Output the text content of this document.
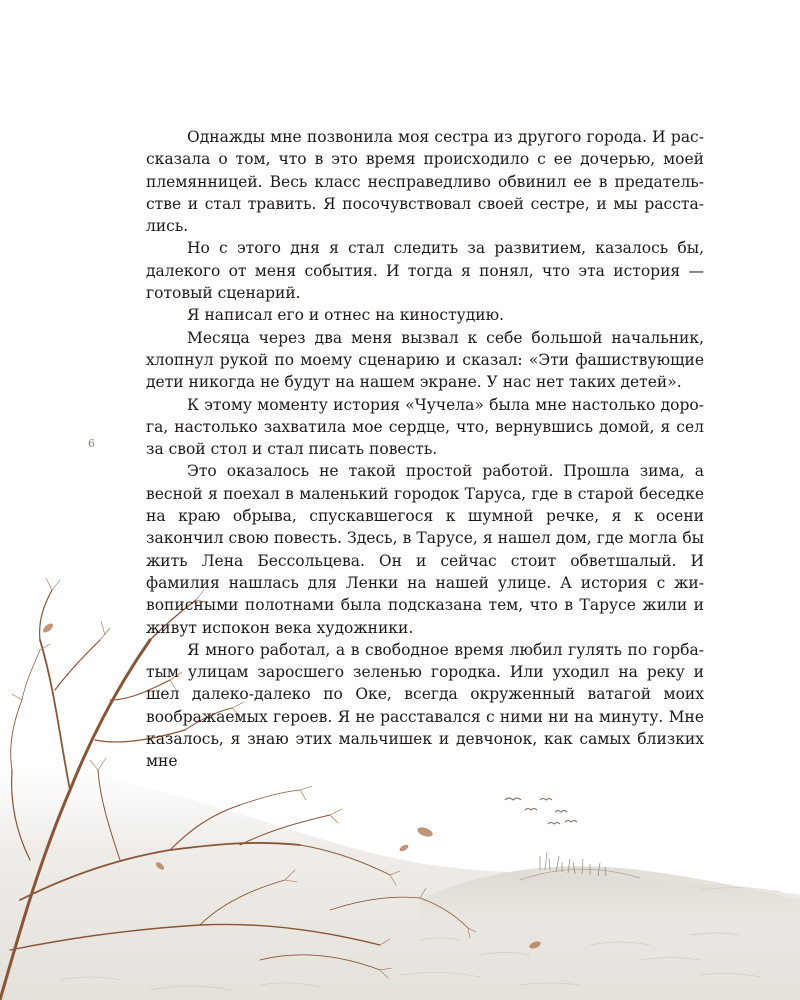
Однажды мне позвонила моя сестра из другого города. И рассказала о том, что в это время происходило с ее дочерью, моей племянницей. Весь класс несправедливо обвинил ее в предательстве и стал травить. Я посочувствовал своей сестре, и мы расстались.

Но с этого дня я стал следить за развитием, казалось бы, далекого от меня события. И тогда я понял, что эта история — готовый сценарий.

Я написал его и отнес на киностудию.

Месяца через два меня вызвал к себе большой начальник, хлопнул рукой по моему сценарию и сказал: «Эти фашиствующие дети никогда не будут на нашем экране. У нас нет таких детей».

К этому моменту история «Чучела» была мне настолько дорога, настолько захватила мое сердце, что, вернувшись домой, я сел за свой стол и стал писать повесть.

Это оказалось не такой простой работой. Прошла зима, а весной я поехал в маленький городок Таруса, где в старой беседке на краю обрыва, спускавшегося к шумной речке, я к осени закончил свою повесть. Здесь, в Тарусе, я нашел дом, где могла бы жить Лена Бессольцева. Он и сейчас стоит обветшалый. И фамилия нашлась для Ленки на нашей улице. А история с живописными полотнами была подсказана тем, что в Тарусе жили и живут испокон века художники.

Я много работал, а в свободное время любил гулять по горбатым улицам заросшего зеленью городка. Или уходил на реку и шел далеко-далеко по Оке, всегда окруженный ватагой моих воображаемых героев. Я не расставался с ними ни на минуту. Мне казалось, я знаю этих мальчишек и девчонок, как самых близких мне

6
